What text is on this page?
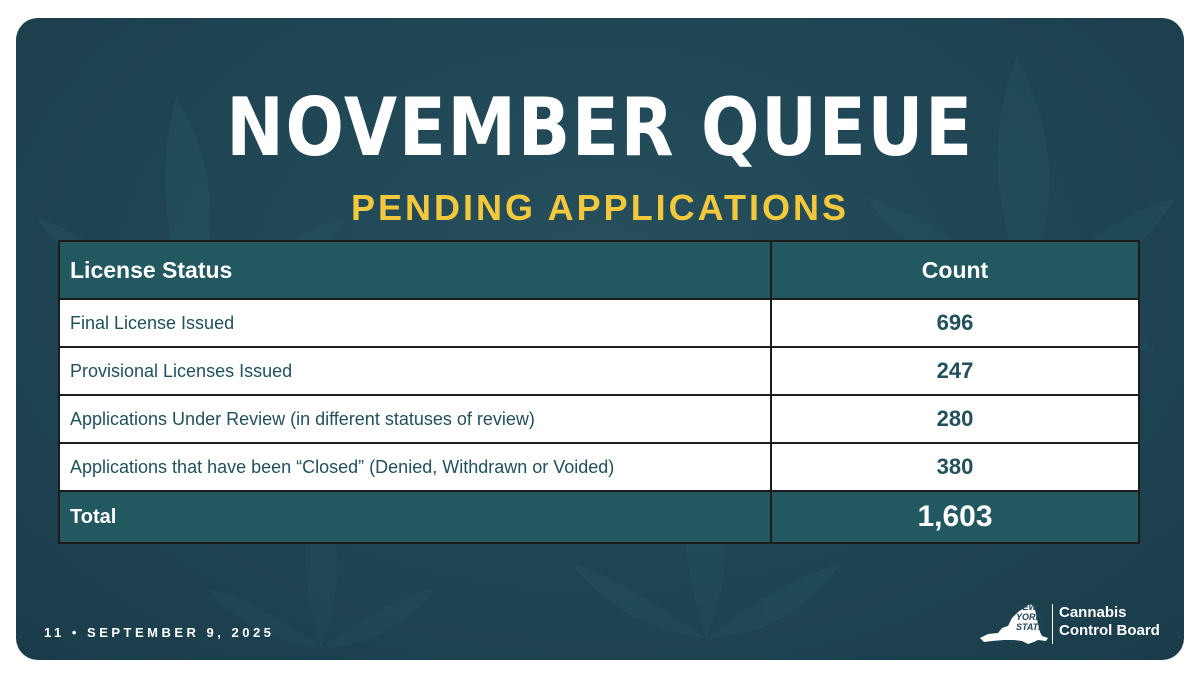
NOVEMBER QUEUE
PENDING APPLICATIONS
License Status	Count
Final License Issued	696
Provisional Licenses Issued	247
Applications Under Review (in different statuses of review)	280
Applications that have been “Closed” (Denied, Withdrawn or Voided)	380
Total	1,603
11 • SEPTEMBER 9, 2025
NEW
YORK
STATE
Cannabis
Control Board
